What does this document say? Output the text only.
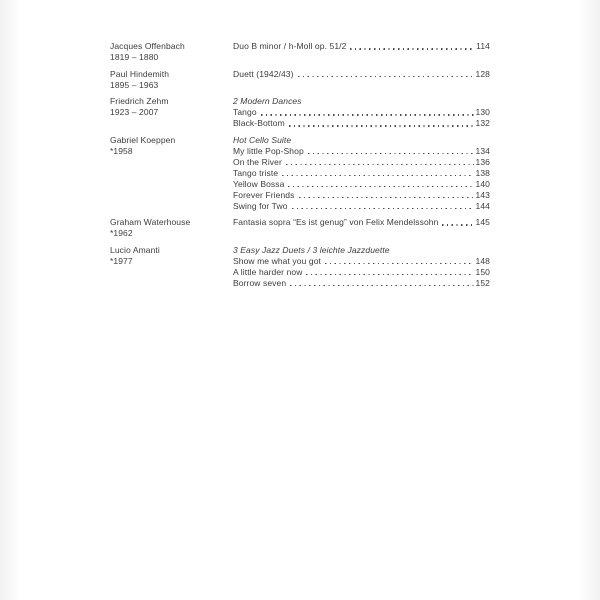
Jacques Offenbach
1819 – 1880
Duo B minor / h-Moll op. 51/2	114
Paul Hindemith
1895 – 1963
Duett (1942/43)	128
Friedrich Zehm
1923 – 2007
2 Modern Dances
Tango	130
Black-Bottom	132
Gabriel Koeppen
*1958
Hot Cello Suite
My little Pop-Shop	134
On the River	136
Tango triste	138
Yellow Bossa	140
Forever Friends	143
Swing for Two	144
Graham Waterhouse
*1962
Fantasia sopra “Es ist genug” von Felix Mendelssohn	145
Lucio Amanti
*1977
3 Easy Jazz Duets / 3 leichte Jazzduette
Show me what you got	148
A little harder now	150
Borrow seven	152
